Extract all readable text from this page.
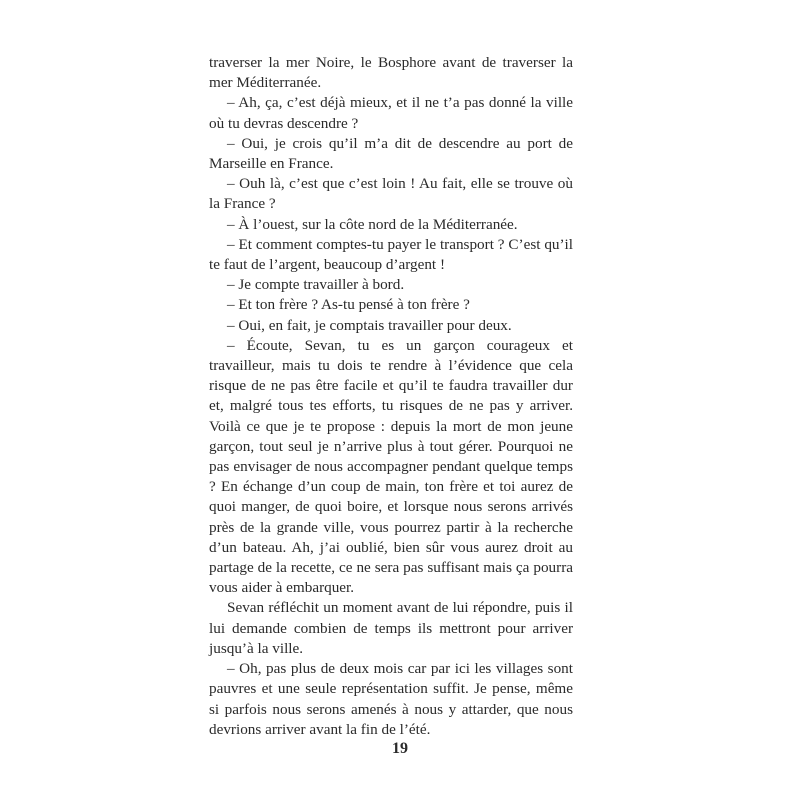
traverser la mer Noire, le Bosphore avant de traverser la mer Méditerranée.

– Ah, ça, c’est déjà mieux, et il ne t’a pas donné la ville où tu devras descendre ?

– Oui, je crois qu’il m’a dit de descendre au port de Marseille en France.

– Ouh là, c’est que c’est loin ! Au fait, elle se trouve où la France ?

– À l’ouest, sur la côte nord de la Méditerranée.

– Et comment comptes-tu payer le transport ? C’est qu’il te faut de l’argent, beaucoup d’argent !

– Je compte travailler à bord.

– Et ton frère ? As-tu pensé à ton frère ?

– Oui, en fait, je comptais travailler pour deux.

– Écoute, Sevan, tu es un garçon courageux et travailleur, mais tu dois te rendre à l’évidence que cela risque de ne pas être facile et qu’il te faudra travailler dur et, malgré tous tes efforts, tu risques de ne pas y arriver. Voilà ce que je te propose : depuis la mort de mon jeune garçon, tout seul je n’arrive plus à tout gérer. Pourquoi ne pas envisager de nous accompagner pendant quelque temps ? En échange d’un coup de main, ton frère et toi aurez de quoi manger, de quoi boire, et lorsque nous serons arrivés près de la grande ville, vous pourrez partir à la recherche d’un bateau. Ah, j’ai oublié, bien sûr vous aurez droit au partage de la recette, ce ne sera pas suffisant mais ça pourra vous aider à embarquer.

Sevan réfléchit un moment avant de lui répondre, puis il lui demande combien de temps ils mettront pour arriver jusqu’à la ville.

– Oh, pas plus de deux mois car par ici les villages sont pauvres et une seule représentation suffit. Je pense, même si parfois nous serons amenés à nous y attarder, que nous devrions arriver avant la fin de l’été.

19
